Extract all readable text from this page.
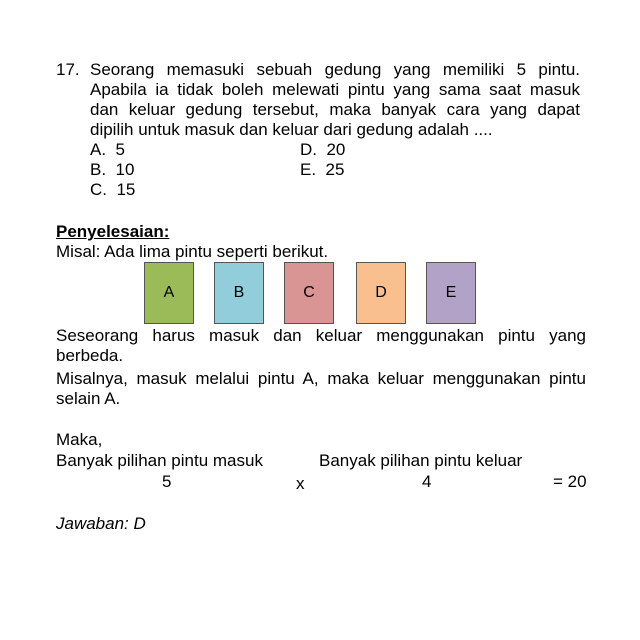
17. Seorang memasuki sebuah gedung yang memiliki 5 pintu.
Apabila ia tidak boleh melewati pintu yang sama saat masuk
dan keluar gedung tersebut, maka banyak cara yang dapat
dipilih untuk masuk dan keluar dari gedung adalah ....
A. 5
B. 10
C. 15
D. 20
E. 25
Penyelesaian:
Misal: Ada lima pintu seperti berikut.
A	B	C	D	E
Seseorang harus masuk dan keluar menggunakan pintu yang
berbeda.
Misalnya, masuk melalui pintu A, maka keluar menggunakan pintu
selain A.
Maka,
Banyak pilihan pintu masuk	Banyak pilihan pintu keluar
5	x	4	= 20
Jawaban: D
